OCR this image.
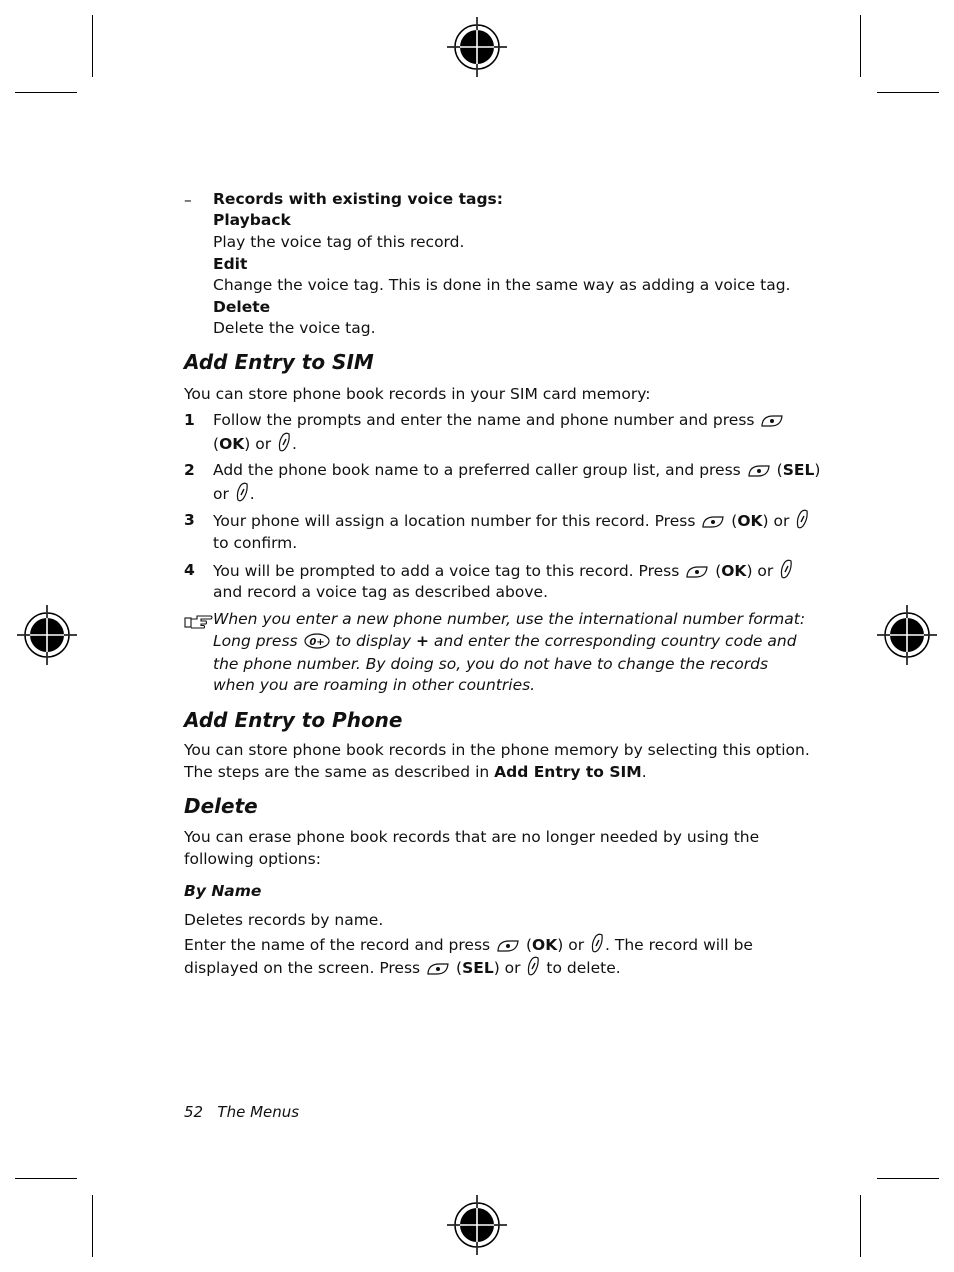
– Records with existing voice tags:
Playback
Play the voice tag of this record.
Edit
Change the voice tag. This is done in the same way as adding a voice tag.
Delete
Delete the voice tag.
Add Entry to SIM
You can store phone book records in your SIM card memory:
1 Follow the prompts and enter the name and phone number and press
(OK) or .
2 Add the phone book name to a preferred caller group list, and press (SEL)
or .
3 Your phone will assign a location number for this record. Press (OK) or
to confirm.
4 You will be prompted to add a voice tag to this record. Press (OK) or
and record a voice tag as described above.
When you enter a new phone number, use the international number format:
Long press to display + and enter the corresponding country code and
the phone number. By doing so, you do not have to change the records
when you are roaming in other countries.
Add Entry to Phone
You can store phone book records in the phone memory by selecting this option.
The steps are the same as described in Add Entry to SIM.
Delete
You can erase phone book records that are no longer needed by using the
following options:
By Name
Deletes records by name.
Enter the name of the record and press (OK) or . The record will be
displayed on the screen. Press (SEL) or to delete.
52 The Menus
